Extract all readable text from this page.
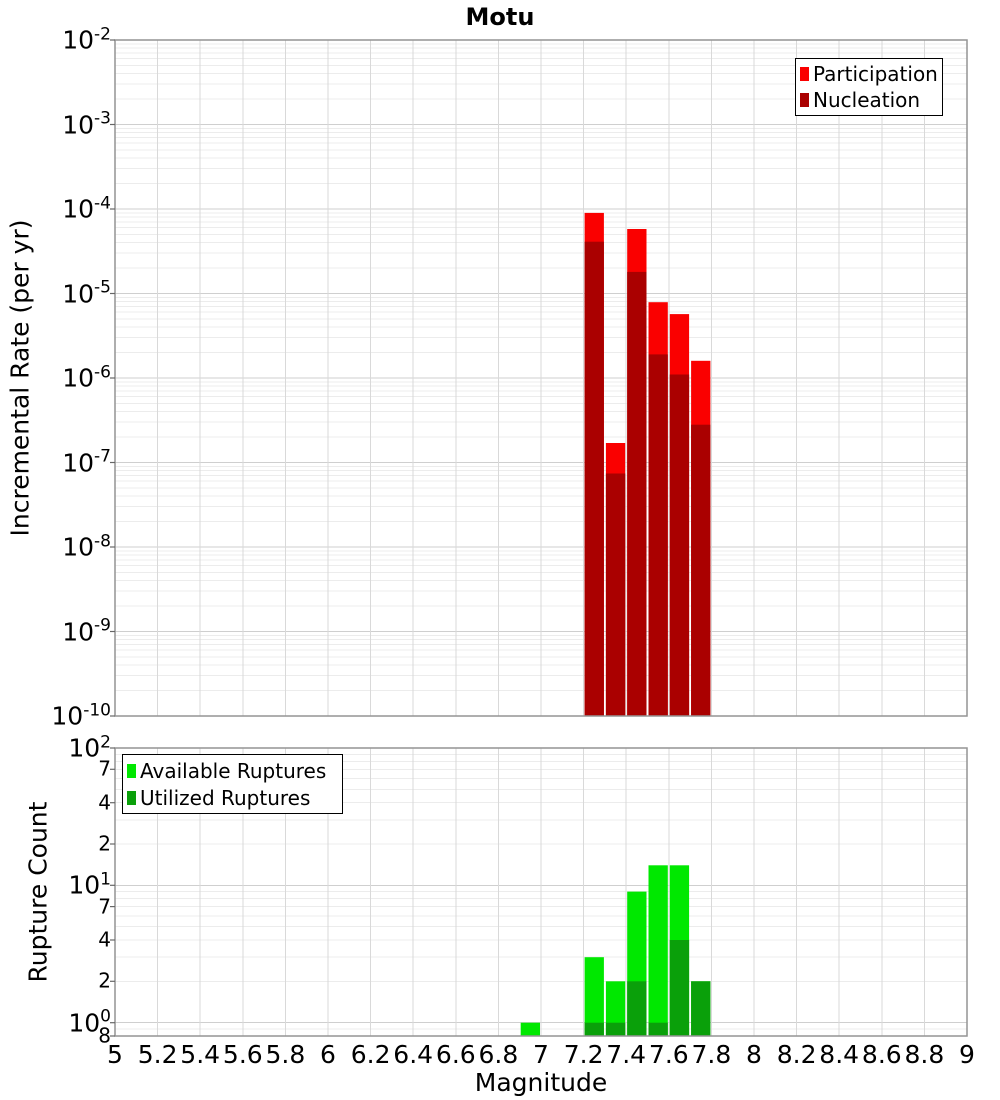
Motu
Incremental Rate (per yr)
Rupture Count
Magnitude
Participation
Nucleation
Available Ruptures
Utilized Ruptures
$10^{-2}$
$10^{-3}$
$10^{-4}$
$10^{-5}$
$10^{-6}$
$10^{-7}$
$10^{-8}$
$10^{-9}$
$10^{-10}$
$10^2$
7
4
2
$10^1$
7
4
2
$10^0$
8
5 5.2 5.4 5.6 5.8 6 6.2 6.4 6.6 6.8 7 7.2 7.4 7.6 7.8 8 8.2 8.4 8.6 8.8 9
